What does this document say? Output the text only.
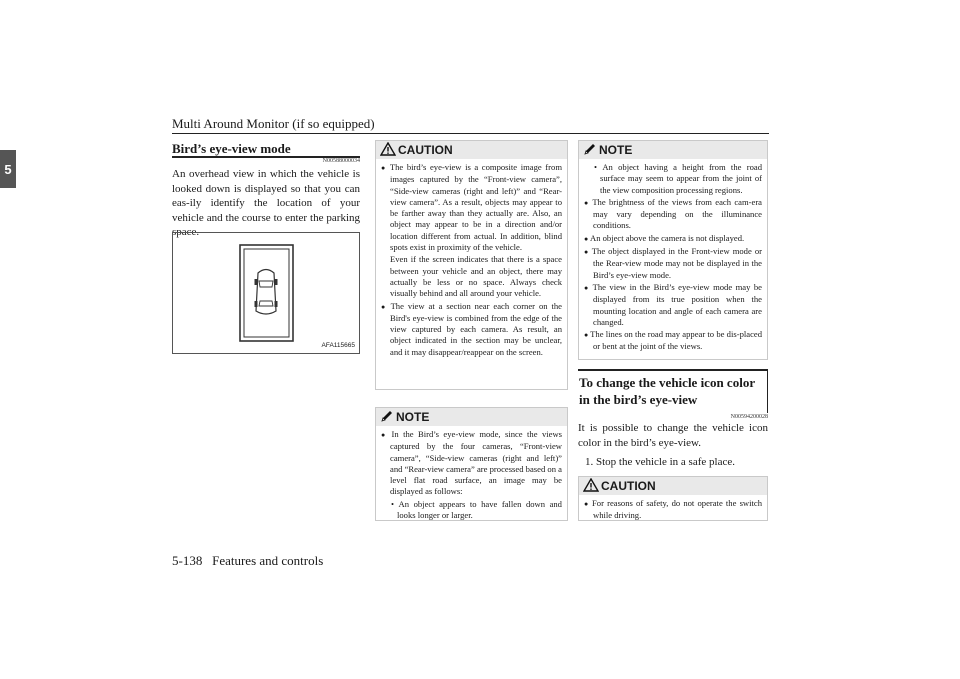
Multi Around Monitor (if so equipped)
5
Bird’s eye-view mode
N00588000034
An overhead view in which the vehicle is looked down is displayed so that you can eas-ily identify the location of your vehicle and the course to enter the parking space.
AFA115665
CAUTION

● The bird’s eye-view is a composite image from images captured by the “Front-view camera”, “Side-view cameras (right and left)” and “Rear-view camera”. As a result, objects may appear to be farther away than they actually are. Also, an object may appear to be in a direction and/or location different from actual. In addition, blind spots exist in proximity of the vehicle.

Even if the screen indicates that there is a space between your vehicle and an object, there may actually be less or no space. Always check visually behind and all around your vehicle.

● The view at a section near each corner on the Bird's eye-view is combined from the edge of the view captured by each camera. As result, an object indicated in the section may be unclear, and it may disappear/reappear on the screen.

NOTE

● In the Bird’s eye-view mode, since the views captured by the four cameras, “Front-view camera”, “Side-view cameras (right and left)” and “Rear-view camera” are processed based on a level flat road surface, an image may be displayed as follows:

• An object appears to have fallen down and looks longer or larger.

NOTE

• An object having a height from the road surface may seem to appear from the joint of the view composition processing regions.

● The brightness of the views from each cam-era may vary depending on the illuminance conditions.

● An object above the camera is not displayed.

● The object displayed in the Front-view mode or the Rear-view mode may not be displayed in the Bird’s eye-view mode.

● The view in the Bird’s eye-view mode may be displayed from its true position when the mounting location and angle of each camera are changed.

● The lines on the road may appear to be dis-placed or bent at the joint of the views.

To change the vehicle icon color in the bird’s eye-view
N00594200028
It is possible to change the vehicle icon color in the bird’s eye-view.
1. Stop the vehicle in a safe place.
CAUTION

● For reasons of safety, do not operate the switch while driving.

5-138 Features and controls
